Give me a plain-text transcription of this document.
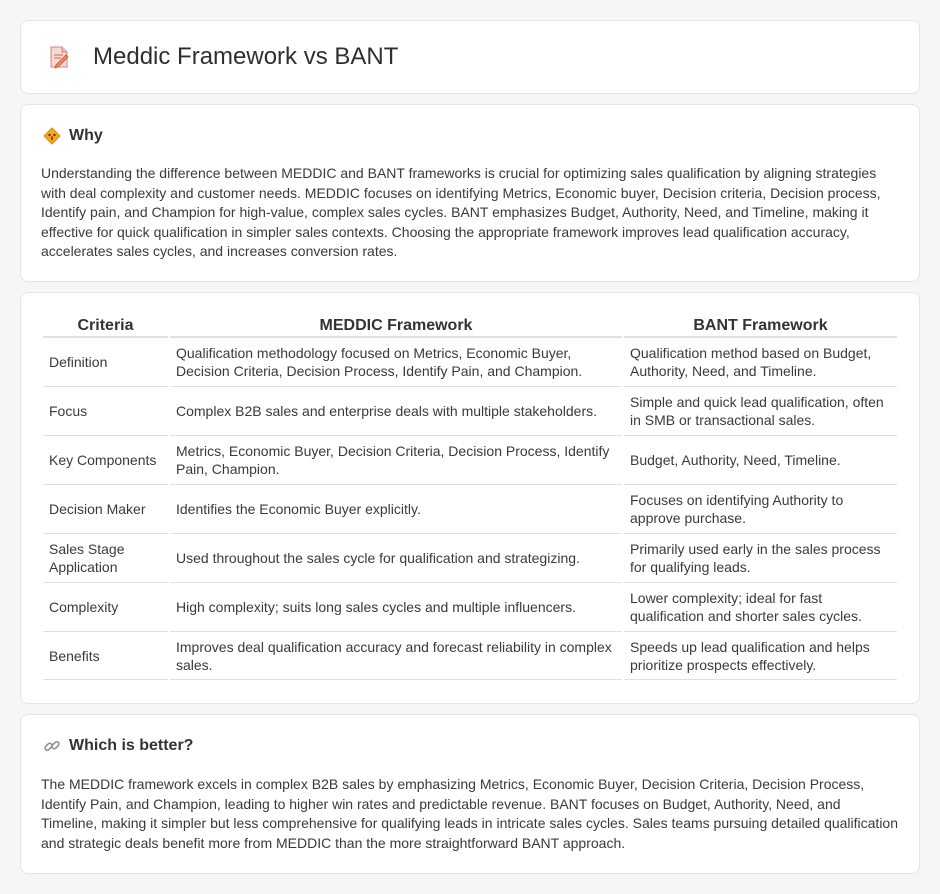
Meddic Framework vs BANT
Why

Understanding the difference between MEDDIC and BANT frameworks is crucial for optimizing sales qualification by aligning strategies with deal complexity and customer needs. MEDDIC focuses on identifying Metrics, Economic buyer, Decision criteria, Decision process, Identify pain, and Champion for high-value, complex sales cycles. BANT emphasizes Budget, Authority, Need, and Timeline, making it effective for quick qualification in simpler sales contexts. Choosing the appropriate framework improves lead qualification accuracy, accelerates sales cycles, and increases conversion rates.

Criteria	MEDDIC Framework	BANT Framework
Definition	Qualification methodology focused on Metrics, Economic Buyer, Decision Criteria, Decision Process, Identify Pain, and Champion.	Qualification method based on Budget, Authority, Need, and Timeline.
Focus	Complex B2B sales and enterprise deals with multiple stakeholders.	Simple and quick lead qualification, often in SMB or transactional sales.
Key Components	Metrics, Economic Buyer, Decision Criteria, Decision Process, Identify Pain, Champion.	Budget, Authority, Need, Timeline.
Decision Maker	Identifies the Economic Buyer explicitly.	Focuses on identifying Authority to approve purchase.
Sales Stage Application	Used throughout the sales cycle for qualification and strategizing.	Primarily used early in the sales process for qualifying leads.
Complexity	High complexity; suits long sales cycles and multiple influencers.	Lower complexity; ideal for fast qualification and shorter sales cycles.
Benefits	Improves deal qualification accuracy and forecast reliability in complex sales.	Speeds up lead qualification and helps prioritize prospects effectively.
Which is better?

The MEDDIC framework excels in complex B2B sales by emphasizing Metrics, Economic Buyer, Decision Criteria, Decision Process, Identify Pain, and Champion, leading to higher win rates and predictable revenue. BANT focuses on Budget, Authority, Need, and Timeline, making it simpler but less comprehensive for qualifying leads in intricate sales cycles. Sales teams pursuing detailed qualification and strategic deals benefit more from MEDDIC than the more straightforward BANT approach.
